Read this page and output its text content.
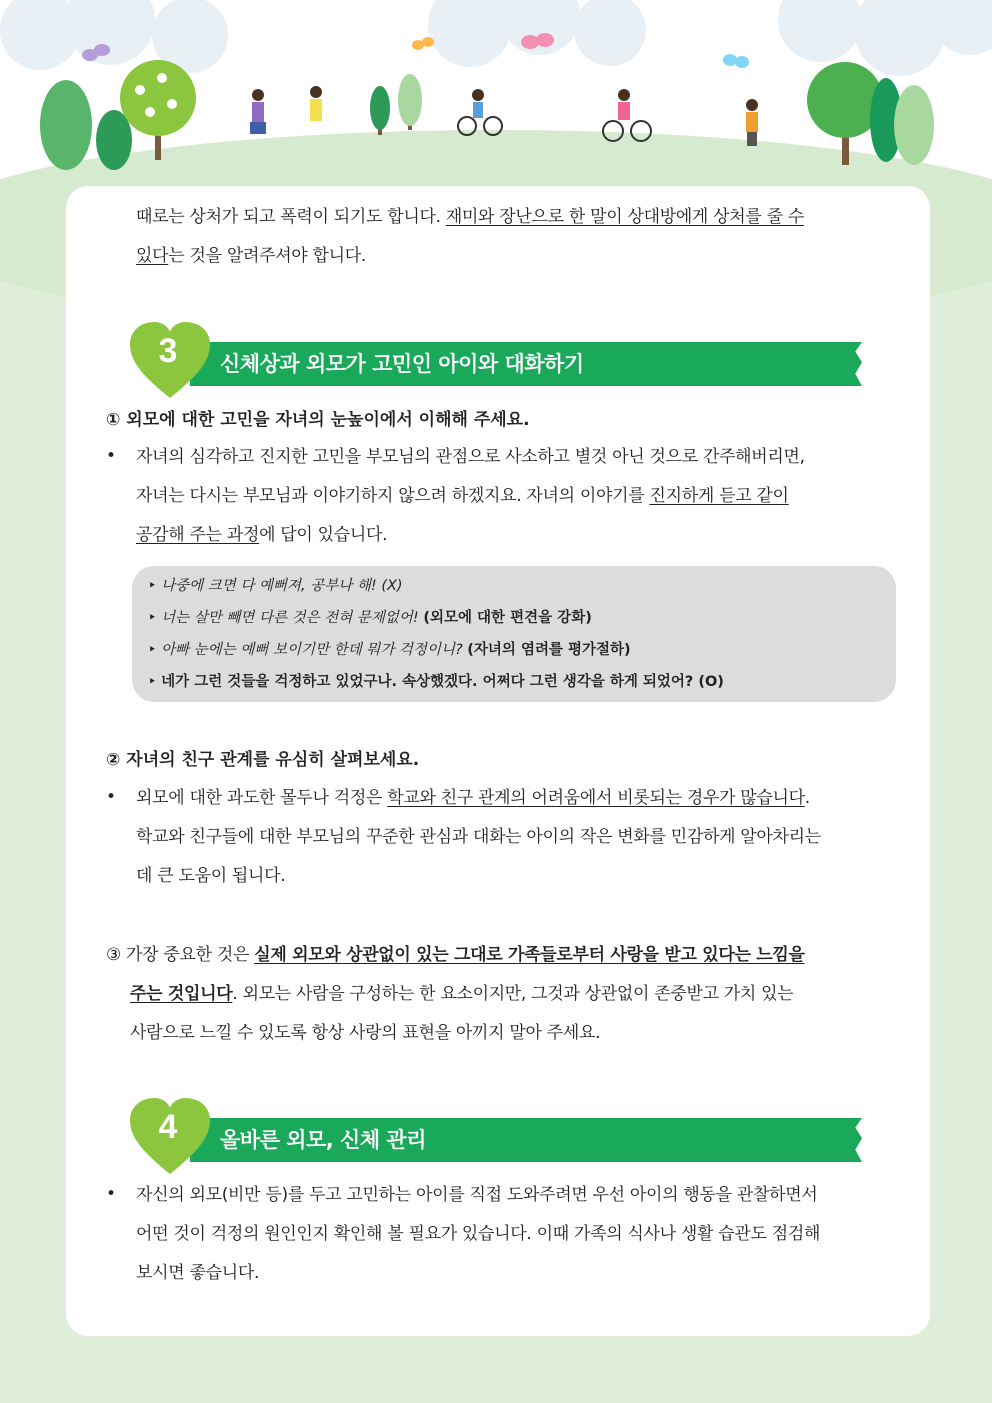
때로는 상처가 되고 폭력이 되기도 합니다. 재미와 장난으로 한 말이 상대방에게 상처를 줄 수
있다는 것을 알려주셔야 합니다.
3	신체상과 외모가 고민인 아이와 대화하기
① 외모에 대한 고민을 자녀의 눈높이에서 이해해 주세요.
• 자녀의 심각하고 진지한 고민을 부모님의 관점으로 사소하고 별것 아닌 것으로 간주해버리면,
자녀는 다시는 부모님과 이야기하지 않으려 하겠지요. 자녀의 이야기를 진지하게 듣고 같이
공감해 주는 과정에 답이 있습니다.
‣ 나중에 크면 다 예뻐져, 공부나 해! (X)
‣ 너는 살만 빼면 다른 것은 전혀 문제없어! (외모에 대한 편견을 강화)
‣ 아빠 눈에는 예뻐 보이기만 한데 뭐가 걱정이니? (자녀의 염려를 평가절하)
‣ 네가 그런 것들을 걱정하고 있었구나. 속상했겠다. 어쩌다 그런 생각을 하게 되었어? (O)
② 자녀의 친구 관계를 유심히 살펴보세요.
• 외모에 대한 과도한 몰두나 걱정은 학교와 친구 관계의 어려움에서 비롯되는 경우가 많습니다.
학교와 친구들에 대한 부모님의 꾸준한 관심과 대화는 아이의 작은 변화를 민감하게 알아차리는
데 큰 도움이 됩니다.
③ 가장 중요한 것은 실제 외모와 상관없이 있는 그대로 가족들로부터 사랑을 받고 있다는 느낌을
주는 것입니다. 외모는 사람을 구성하는 한 요소이지만, 그것과 상관없이 존중받고 가치 있는
사람으로 느낄 수 있도록 항상 사랑의 표현을 아끼지 말아 주세요.
4	올바른 외모, 신체 관리
• 자신의 외모(비만 등)를 두고 고민하는 아이를 직접 도와주려면 우선 아이의 행동을 관찰하면서
어떤 것이 걱정의 원인인지 확인해 볼 필요가 있습니다. 이때 가족의 식사나 생활 습관도 점검해
보시면 좋습니다.
